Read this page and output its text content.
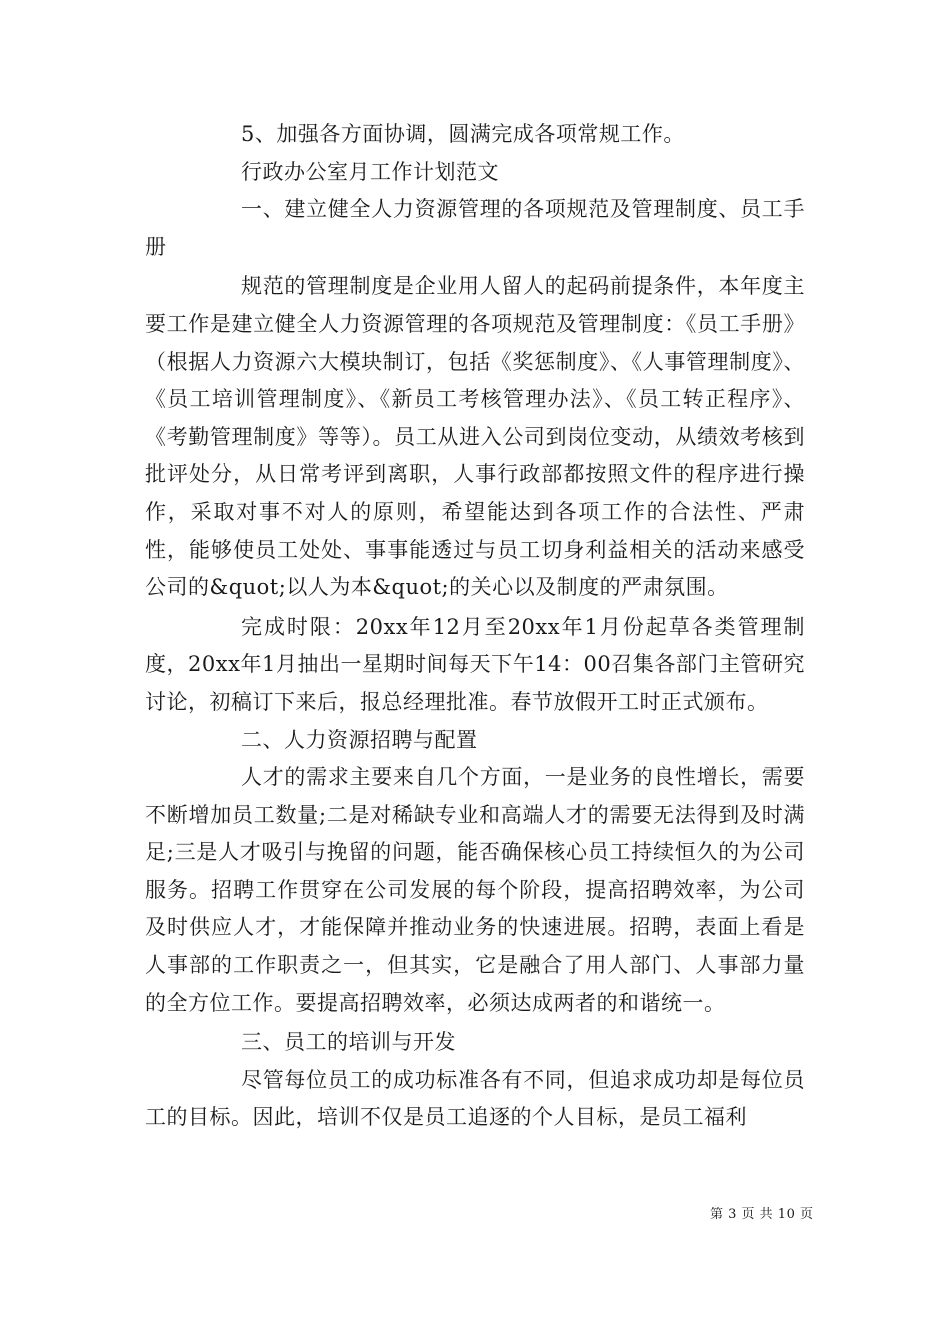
5、加强各方面协调，圆满完成各项常规工作。

行政办公室月工作计划范文

一、建立健全人力资源管理的各项规范及管理制度、员工手册

规范的管理制度是企业用人留人的起码前提条件，本年度主要工作是建立健全人力资源管理的各项规范及管理制度：《员工手册》（根据人力资源六大模块制订，包括《奖惩制度》、《人事管理制度》、《员工培训管理制度》、《新员工考核管理办法》、《员工转正程序》、《考勤管理制度》等等）。员工从进入公司到岗位变动，从绩效考核到批评处分，从日常考评到离职，人事行政部都按照文件的程序进行操作，采取对事不对人的原则，希望能达到各项工作的合法性、严肃性，能够使员工处处、事事能透过与员工切身利益相关的活动来感受公司的&quot;以人为本&quot;的关心以及制度的严肃氛围。

完成时限：20xx年12月至20xx年1月份起草各类管理制度，20xx年1月抽出一星期时间每天下午14：00召集各部门主管研究讨论，初稿订下来后，报总经理批准。春节放假开工时正式颁布。

二、人力资源招聘与配置

人才的需求主要来自几个方面，一是业务的良性增长，需要不断增加员工数量;二是对稀缺专业和高端人才的需要无法得到及时满足;三是人才吸引与挽留的问题，能否确保核心员工持续恒久的为公司服务。招聘工作贯穿在公司发展的每个阶段，提高招聘效率，为公司及时供应人才，才能保障并推动业务的快速进展。招聘，表面上看是人事部的工作职责之一，但其实，它是融合了用人部门、人事部力量的全方位工作。要提高招聘效率，必须达成两者的和谐统一。

三、员工的培训与开发

尽管每位员工的成功标准各有不同，但追求成功却是每位员工的目标。因此，培训不仅是员工追逐的个人目标，是员工福利

第 3 页 共 10 页
